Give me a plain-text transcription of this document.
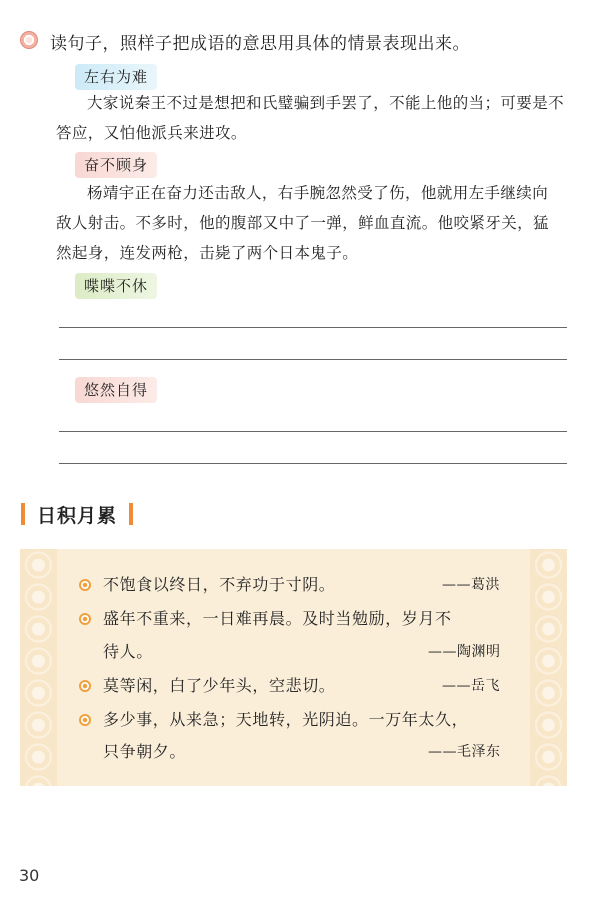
读句子，照样子把成语的意思用具体的情景表现出来。
左右为难
大家说秦王不过是想把和氏璧骗到手罢了，不能上他的当；可要是不
答应，又怕他派兵来进攻。
奋不顾身
杨靖宇正在奋力还击敌人，右手腕忽然受了伤，他就用左手继续向
敌人射击。不多时，他的腹部又中了一弹，鲜血直流。他咬紧牙关，猛
然起身，连发两枪，击毙了两个日本鬼子。
喋喋不休
悠然自得
日积月累
不饱食以终日，不弃功于寸阴。	——葛洪
盛年不重来，一日难再晨。及时当勉励，岁月不
待人。	——陶渊明
莫等闲，白了少年头，空悲切。	——岳飞
多少事，从来急；天地转，光阴迫。一万年太久，
只争朝夕。	——毛泽东
30
